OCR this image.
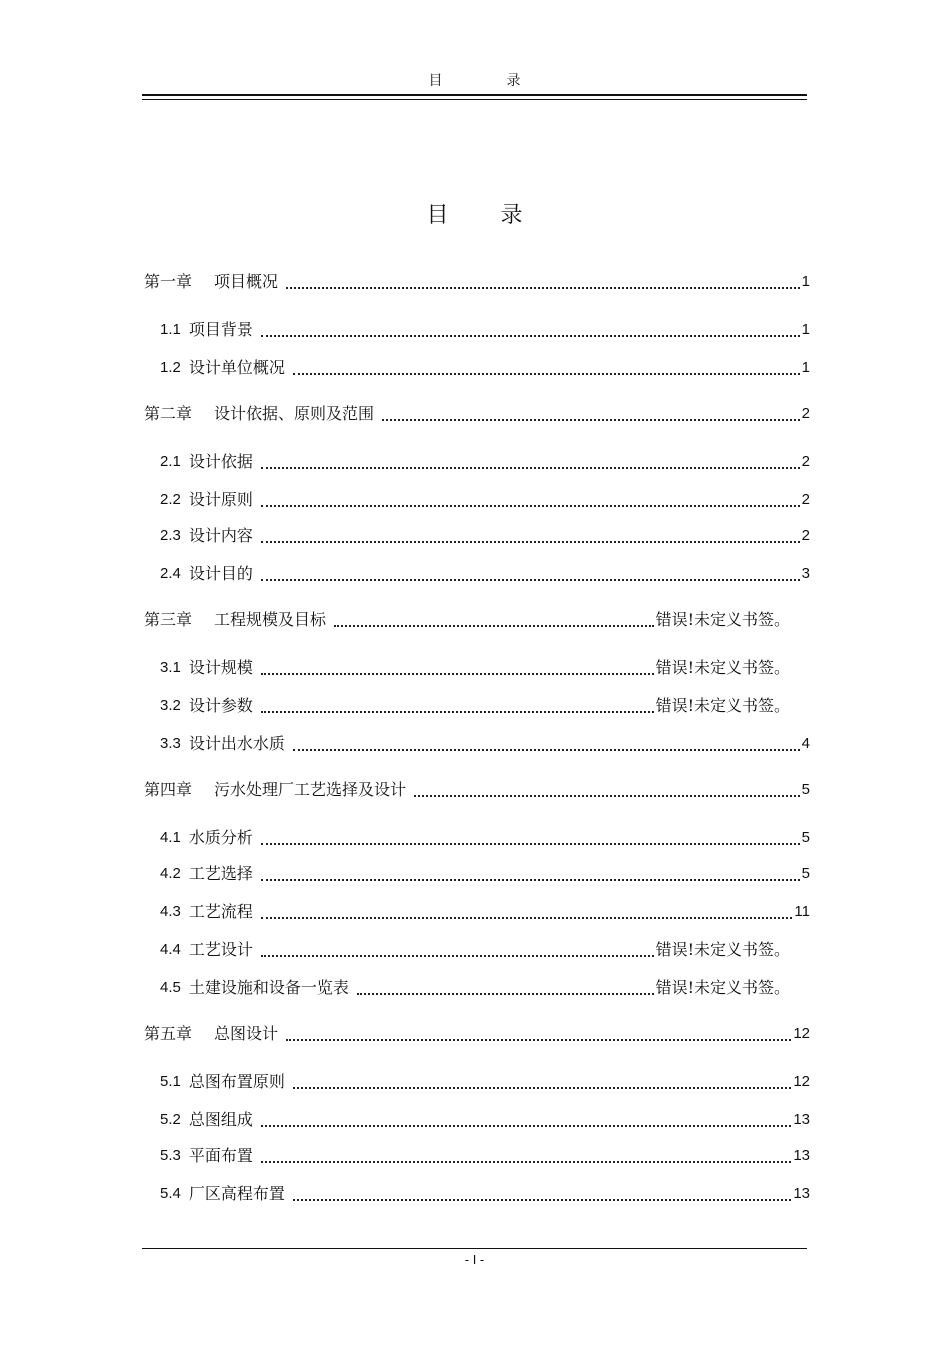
目	录
目 录
第一章 项目概况	1
1.1 项目背景	1
1.2 设计单位概况	1
第二章 设计依据、原则及范围	2
2.1 设计依据	2
2.2 设计原则	2
2.3 设计内容	2
2.4 设计目的	3
第三章 工程规模及目标	错误!未定义书签。
3.1 设计规模	错误!未定义书签。
3.2 设计参数	错误!未定义书签。
3.3 设计出水水质	4
第四章 污水处理厂工艺选择及设计	5
4.1 水质分析	5
4.2 工艺选择	5
4.3 工艺流程	11
4.4 工艺设计	错误!未定义书签。
4.5 土建设施和设备一览表	错误!未定义书签。
第五章 总图设计	12
5.1 总图布置原则	12
5.2 总图组成	13
5.3 平面布置	13
5.4 厂区高程布置	13
- I -
